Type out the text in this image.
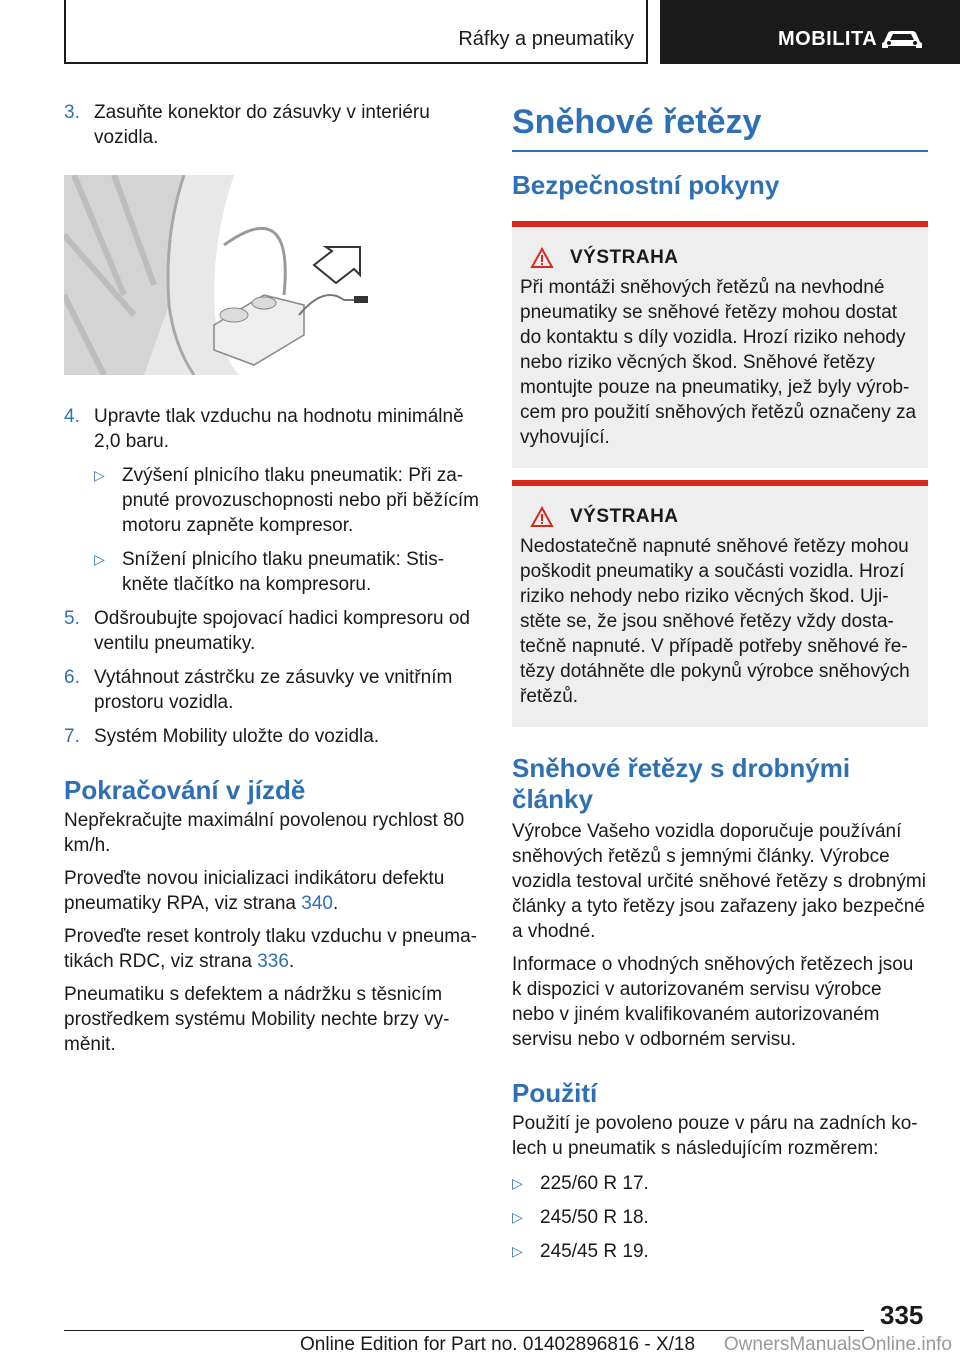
Ráfky a pneumatiky	MOBILITA
3. Zasuňte konektor do zásuvky v interiéru vozidla.
4. Upravte tlak vzduchu na hodnotu minimálně 2,0 baru.
▷ Zvýšení plnicího tlaku pneumatik: Při zapnuté provozuschopnosti nebo při běžícím motoru zapněte kompresor.
▷ Snížení plnicího tlaku pneumatik: Stiskněte tlačítko na kompresoru.
5. Odšroubujte spojovací hadici kompresoru od ventilu pneumatiky.
6. Vytáhnout zástrčku ze zásuvky ve vnitřním prostoru vozidla.
7. Systém Mobility uložte do vozidla.
Pokračování v jízdě

Nepřekračujte maximální povolenou rychlost 80 km/h.

Proveďte novou inicializaci indikátoru defektu pneumatiky RPA, viz strana 340.

Proveďte reset kontroly tlaku vzduchu v pneumatikách RDC, viz strana 336.

Pneumatiku s defektem a nádržku s těsnicím prostředkem systému Mobility nechte brzy vyměnit.

Sněhové řetězy
Bezpečnostní pokyny
VÝSTRAHA

Při montáži sněhových řetězů na nevhodné pneumatiky se sněhové řetězy mohou dostat do kontaktu s díly vozidla. Hrozí riziko nehody nebo riziko věcných škod. Sněhové řetězy montujte pouze na pneumatiky, jež byly výrobcem pro použití sněhových řetězů označeny za vyhovující.

VÝSTRAHA

Nedostatečně napnuté sněhové řetězy mohou poškodit pneumatiky a součásti vozidla. Hrozí riziko nehody nebo riziko věcných škod. Ujistěte se, že jsou sněhové řetězy vždy dostatečně napnuté. V případě potřeby sněhové řetězy dotáhněte dle pokynů výrobce sněhových řetězů.

Sněhové řetězy s drobnými články

Výrobce Vašeho vozidla doporučuje používání sněhových řetězů s jemnými články. Výrobce vozidla testoval určité sněhové řetězy s drobnými články a tyto řetězy jsou zařazeny jako bezpečné a vhodné.

Informace o vhodných sněhových řetězech jsou k dispozici v autorizovaném servisu výrobce nebo v jiném kvalifikovaném autorizovaném servisu nebo v odborném servisu.

Použití

Použití je povoleno pouze v páru na zadních kolech u pneumatik s následujícím rozměrem:

▷ 225/60 R 17.
▷ 245/50 R 18.
▷ 245/45 R 19.
335
Online Edition for Part no. 01402896816 - X/18 OwnersManualsOnline.info
